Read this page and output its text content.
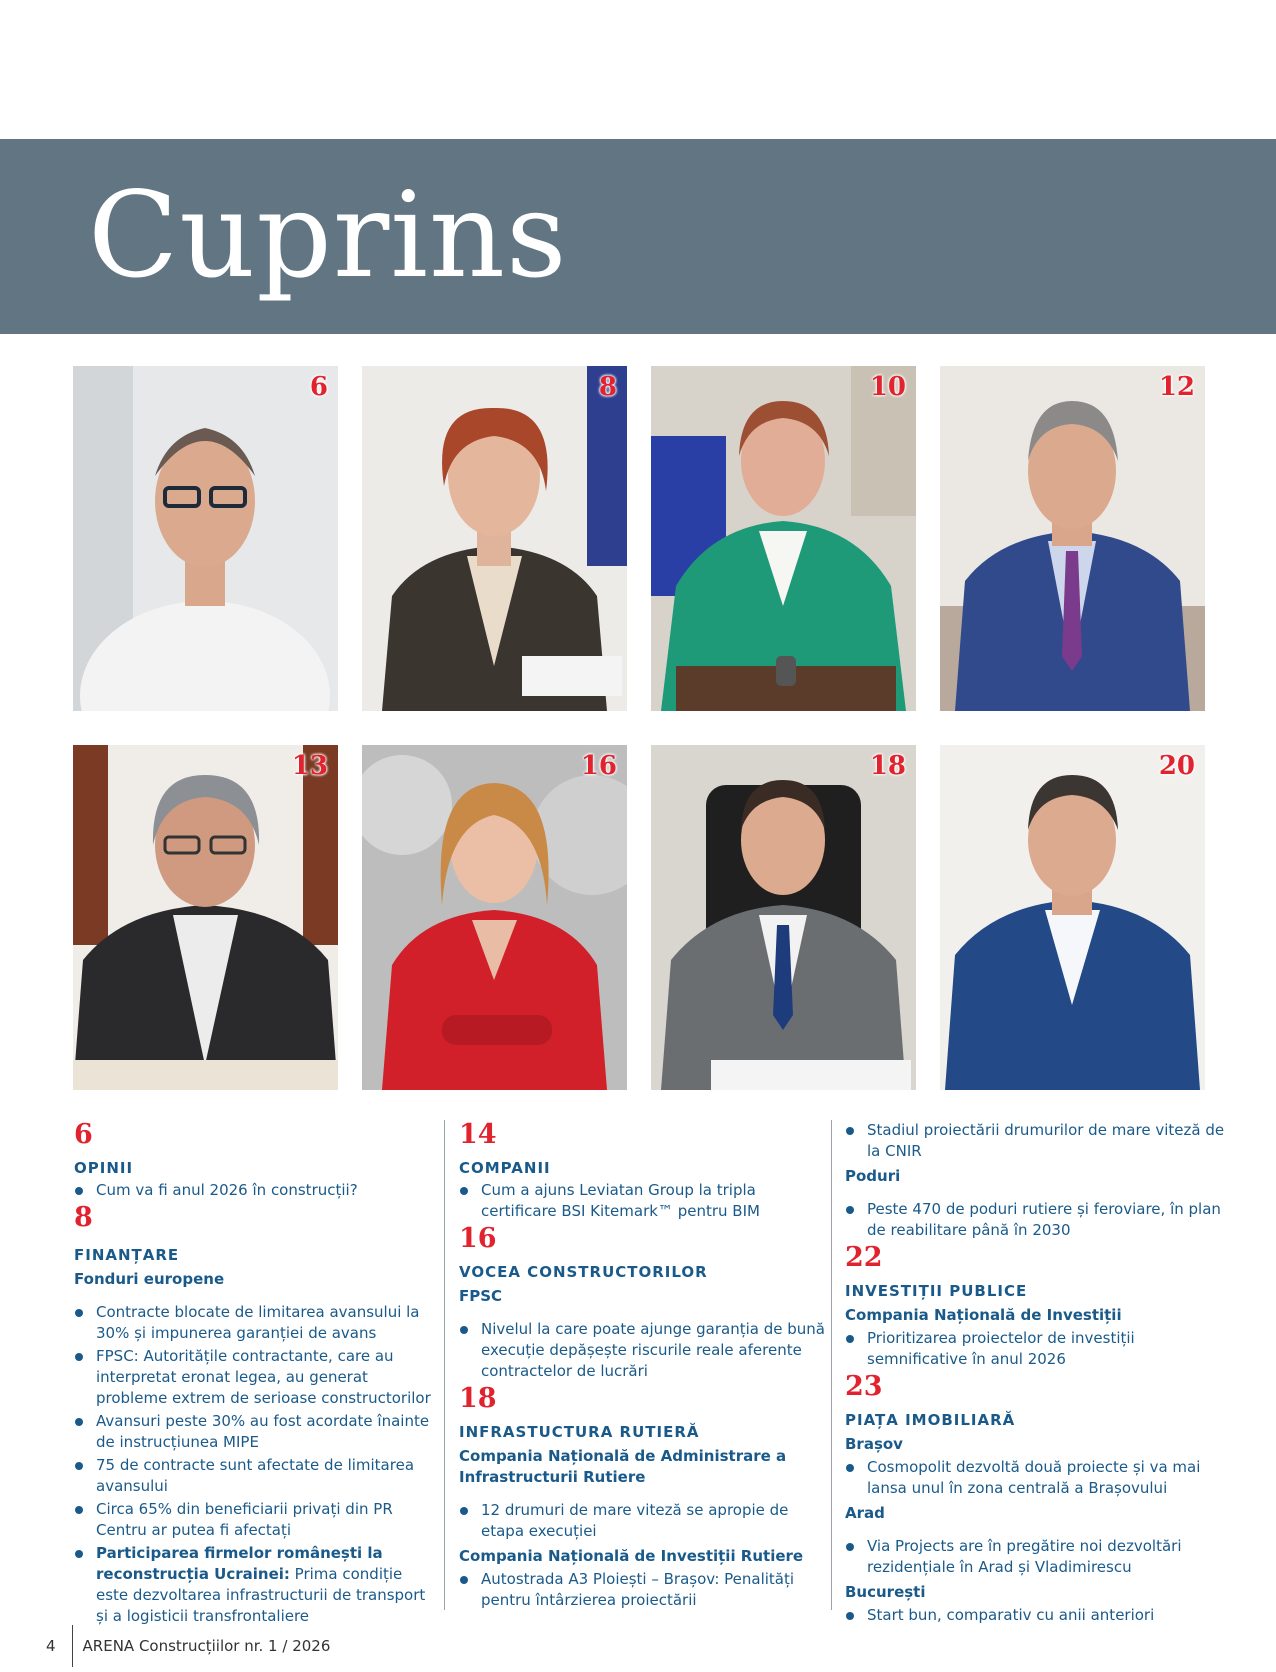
Cuprins
6	8	10	12
13	16	18	20
6
OPINII
Cum va fi anul 2026 în construcții?
8
FINANȚARE
Fonduri europene
Contracte blocate de limitarea avansului la 30% și impunerea garanției de avans
FPSC: Autoritățile contractante, care au interpretat eronat legea, au generat probleme extrem de serioase constructorilor
Avansuri peste 30% au fost acordate înainte de instrucțiunea MIPE
75 de contracte sunt afectate de limitarea avansului
Circa 65% din beneficiarii privați din PR Centru ar putea fi afectați
Participarea firmelor românești la reconstrucția Ucrainei: Prima condiție este dezvoltarea infrastructurii de transport și a logisticii transfrontaliere
14
COMPANII
Cum a ajuns Leviatan Group la tripla certificare BSI Kitemark™ pentru BIM
16
VOCEA CONSTRUCTORILOR
FPSC
Nivelul la care poate ajunge garanția de bună execuție depășește riscurile reale aferente contractelor de lucrări
18
INFRASTUCTURA RUTIERĂ
Compania Națională de Administrare a Infrastructurii Rutiere
12 drumuri de mare viteză se apropie de etapa execuției
Compania Națională de Investiții Rutiere
Autostrada A3 Ploiești – Brașov: Penalități pentru întârzierea proiectării
Stadiul proiectării drumurilor de mare viteză de la CNIR
Poduri
Peste 470 de poduri rutiere și feroviare, în plan de reabilitare până în 2030
22
INVESTIȚII PUBLICE
Compania Națională de Investiții
Prioritizarea proiectelor de investiții semnificative în anul 2026
23
PIAȚA IMOBILIARĂ
Brașov
Cosmopolit dezvoltă două proiecte și va mai lansa unul în zona centrală a Brașovului
Arad
Via Projects are în pregătire noi dezvoltări rezidențiale în Arad și Vladimirescu
București
Start bun, comparativ cu anii anteriori
4 ARENA Construcțiilor nr. 1 / 2026
